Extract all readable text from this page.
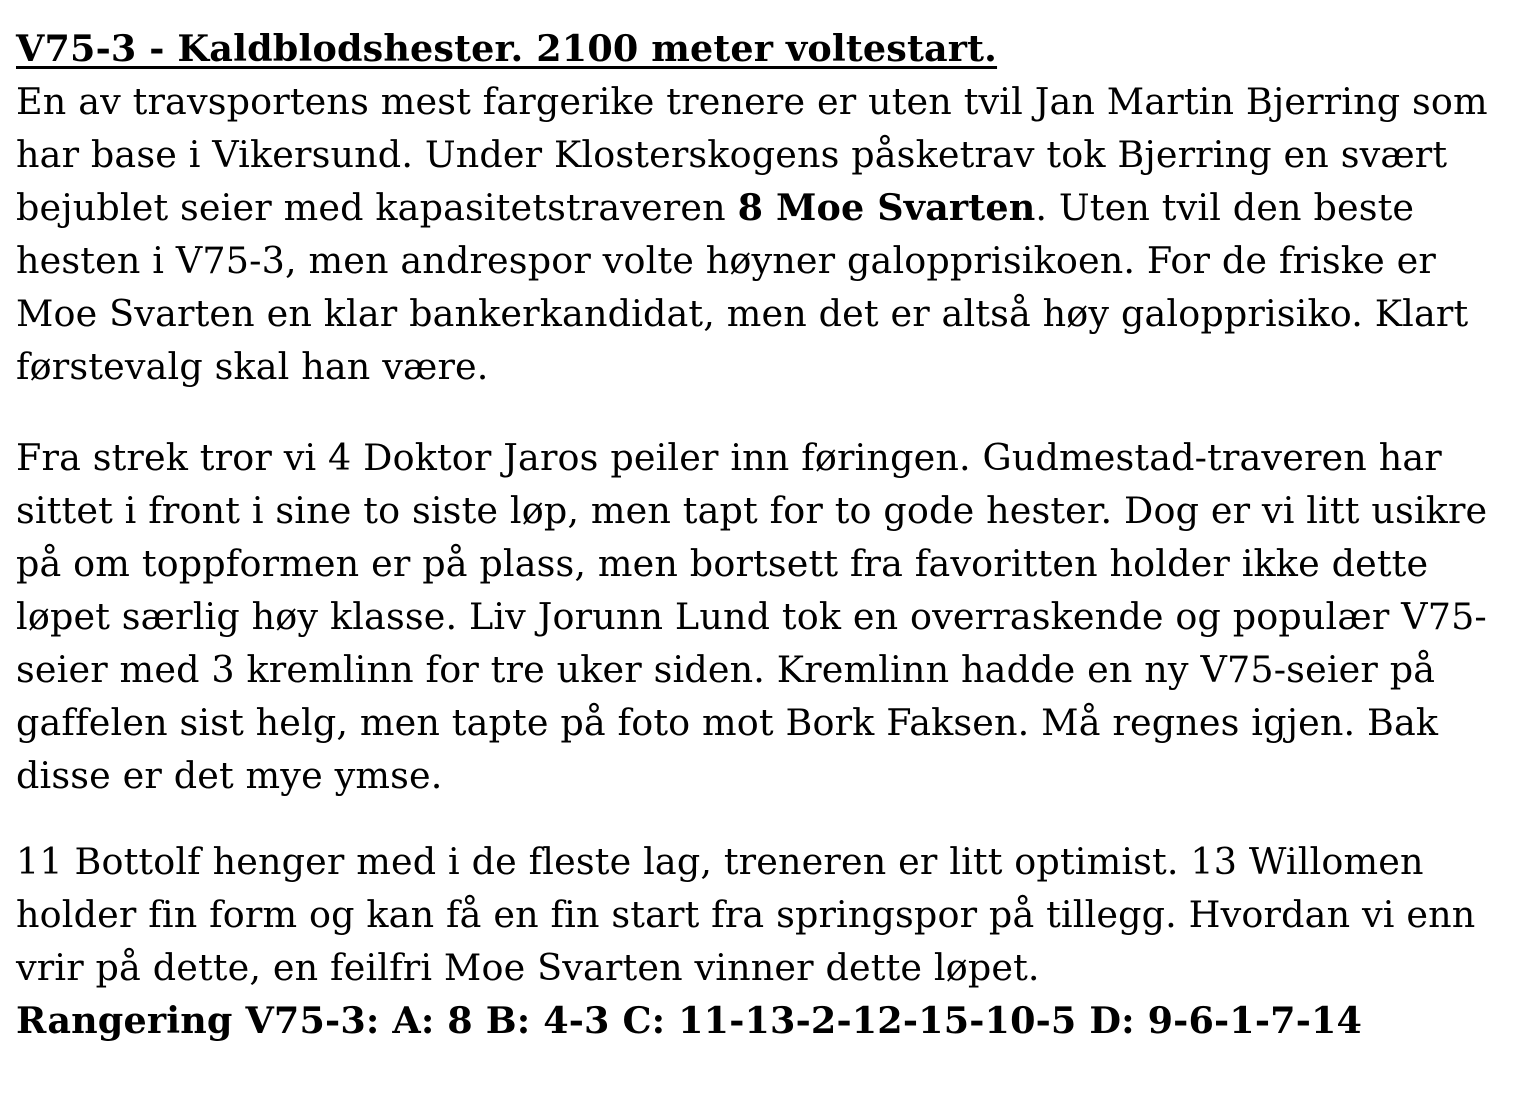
V75-3 - Kaldblodshester. 2100 meter voltestart.

En av travsportens mest fargerike trenere er uten tvil Jan Martin Bjerring som har base i Vikersund. Under Klosterskogens påsketrav tok Bjerring en svært bejublet seier med kapasitetstraveren 8 Moe Svarten. Uten tvil den beste hesten i V75-3, men andrespor volte høyner galopprisikoen. For de friske er Moe Svarten en klar bankerkandidat, men det er altså høy galopprisiko. Klart førstevalg skal han være.

Fra strek tror vi 4 Doktor Jaros peiler inn føringen. Gudmestad-traveren har sittet i front i sine to siste løp, men tapt for to gode hester. Dog er vi litt usikre på om toppformen er på plass, men bortsett fra favoritten holder ikke dette løpet særlig høy klasse. Liv Jorunn Lund tok en overraskende og populær V75-seier med 3 kremlinn for tre uker siden. Kremlinn hadde en ny V75-seier på gaffelen sist helg, men tapte på foto mot Bork Faksen. Må regnes igjen. Bak disse er det mye ymse.

11 Bottolf henger med i de fleste lag, treneren er litt optimist. 13 Willomen holder fin form og kan få en fin start fra springspor på tillegg. Hvordan vi enn vrir på dette, en feilfri Moe Svarten vinner dette løpet.

Rangering V75-3: A: 8 B: 4-3 C: 11-13-2-12-15-10-5 D: 9-6-1-7-14
